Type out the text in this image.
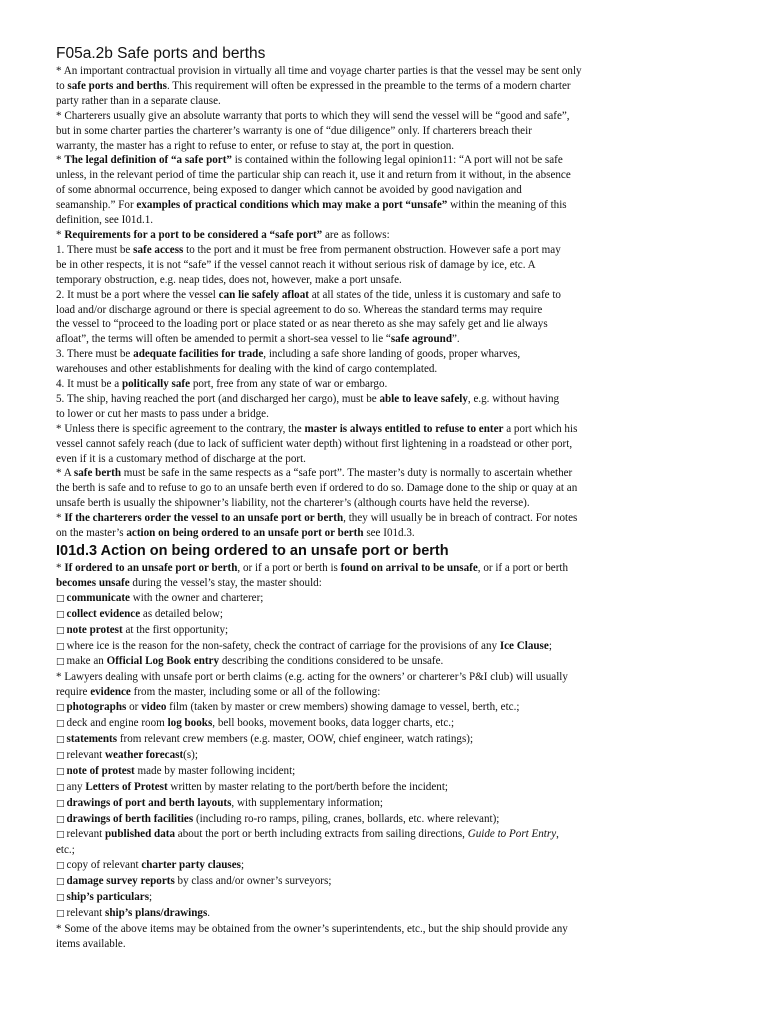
F05a.2b Safe ports and berths
* An important contractual provision in virtually all time and voyage charter parties is that the vessel may be sent only
to safe ports and berths. This requirement will often be expressed in the preamble to the terms of a modern charter
party rather than in a separate clause.
* Charterers usually give an absolute warranty that ports to which they will send the vessel will be “good and safe”,
but in some charter parties the charterer’s warranty is one of “due diligence” only. If charterers breach their
warranty, the master has a right to refuse to enter, or refuse to stay at, the port in question.
* The legal definition of “a safe port” is contained within the following legal opinion11: “A port will not be safe
unless, in the relevant period of time the particular ship can reach it, use it and return from it without, in the absence
of some abnormal occurrence, being exposed to danger which cannot be avoided by good navigation and
seamanship.” For examples of practical conditions which may make a port “unsafe” within the meaning of this
definition, see I01d.1.
* Requirements for a port to be considered a “safe port” are as follows:
1. There must be safe access to the port and it must be free from permanent obstruction. However safe a port may
be in other respects, it is not “safe” if the vessel cannot reach it without serious risk of damage by ice, etc. A
temporary obstruction, e.g. neap tides, does not, however, make a port unsafe.
2. It must be a port where the vessel can lie safely afloat at all states of the tide, unless it is customary and safe to
load and/or discharge aground or there is special agreement to do so. Whereas the standard terms may require
the vessel to “proceed to the loading port or place stated or as near thereto as she may safely get and lie always
afloat”, the terms will often be amended to permit a short-sea vessel to lie “safe aground”.
3. There must be adequate facilities for trade, including a safe shore landing of goods, proper wharves,
warehouses and other establishments for dealing with the kind of cargo contemplated.
4. It must be a politically safe port, free from any state of war or embargo.
5. The ship, having reached the port (and discharged her cargo), must be able to leave safely, e.g. without having
to lower or cut her masts to pass under a bridge.
* Unless there is specific agreement to the contrary, the master is always entitled to refuse to enter a port which his
vessel cannot safely reach (due to lack of sufficient water depth) without first lightening in a roadstead or other port,
even if it is a customary method of discharge at the port.
* A safe berth must be safe in the same respects as a “safe port”. The master’s duty is normally to ascertain whether
the berth is safe and to refuse to go to an unsafe berth even if ordered to do so. Damage done to the ship or quay at an
unsafe berth is usually the shipowner’s liability, not the charterer’s (although courts have held the reverse).
* If the charterers order the vessel to an unsafe port or berth, they will usually be in breach of contract. For notes
on the master’s action on being ordered to an unsafe port or berth see I01d.3.
I01d.3 Action on being ordered to an unsafe port or berth
* If ordered to an unsafe port or berth, or if a port or berth is found on arrival to be unsafe, or if a port or berth
becomes unsafe during the vessel’s stay, the master should:
□ communicate with the owner and charterer;
□ collect evidence as detailed below;
□ note protest at the first opportunity;
□ where ice is the reason for the non-safety, check the contract of carriage for the provisions of any Ice Clause;
□ make an Official Log Book entry describing the conditions considered to be unsafe.
* Lawyers dealing with unsafe port or berth claims (e.g. acting for the owners’ or charterer’s P&I club) will usually
require evidence from the master, including some or all of the following:
□ photographs or video film (taken by master or crew members) showing damage to vessel, berth, etc.;
□ deck and engine room log books, bell books, movement books, data logger charts, etc.;
□ statements from relevant crew members (e.g. master, OOW, chief engineer, watch ratings);
□ relevant weather forecast(s);
□ note of protest made by master following incident;
□ any Letters of Protest written by master relating to the port/berth before the incident;
□ drawings of port and berth layouts, with supplementary information;
□ drawings of berth facilities (including ro-ro ramps, piling, cranes, bollards, etc. where relevant);
□ relevant published data about the port or berth including extracts from sailing directions, Guide to Port Entry,
etc.;
□ copy of relevant charter party clauses;
□ damage survey reports by class and/or owner’s surveyors;
□ ship’s particulars;
□ relevant ship’s plans/drawings.
* Some of the above items may be obtained from the owner’s superintendents, etc., but the ship should provide any
items available.
